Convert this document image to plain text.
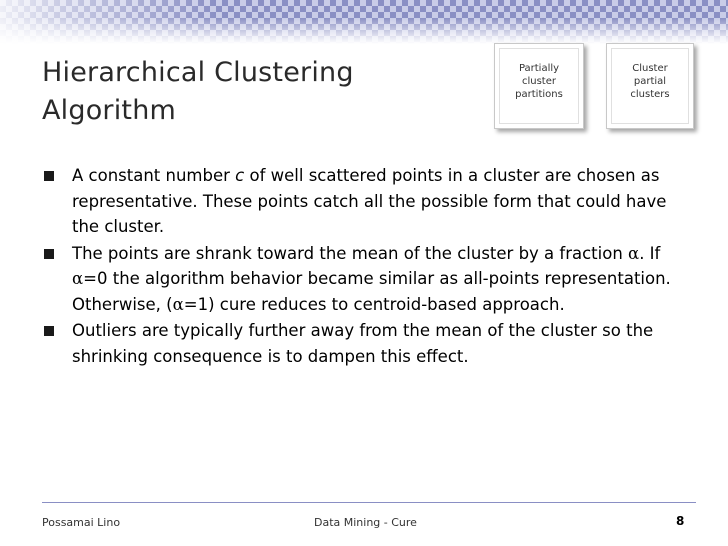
Hierarchical Clustering Algorithm
Partially
cluster
partitions
Cluster
partial
clusters
A constant number c of well scattered points in a cluster are chosen as representative. These points catch all the possible form that could have the cluster.
The points are shrank toward the mean of the cluster by a fraction α. If α=0 the algorithm behavior became similar as all-points representation. Otherwise, (α=1) cure reduces to centroid-based approach.
Outliers are typically further away from the mean of the cluster so the shrinking consequence is to dampen this effect.
Possamai Lino	Data Mining - Cure	8
